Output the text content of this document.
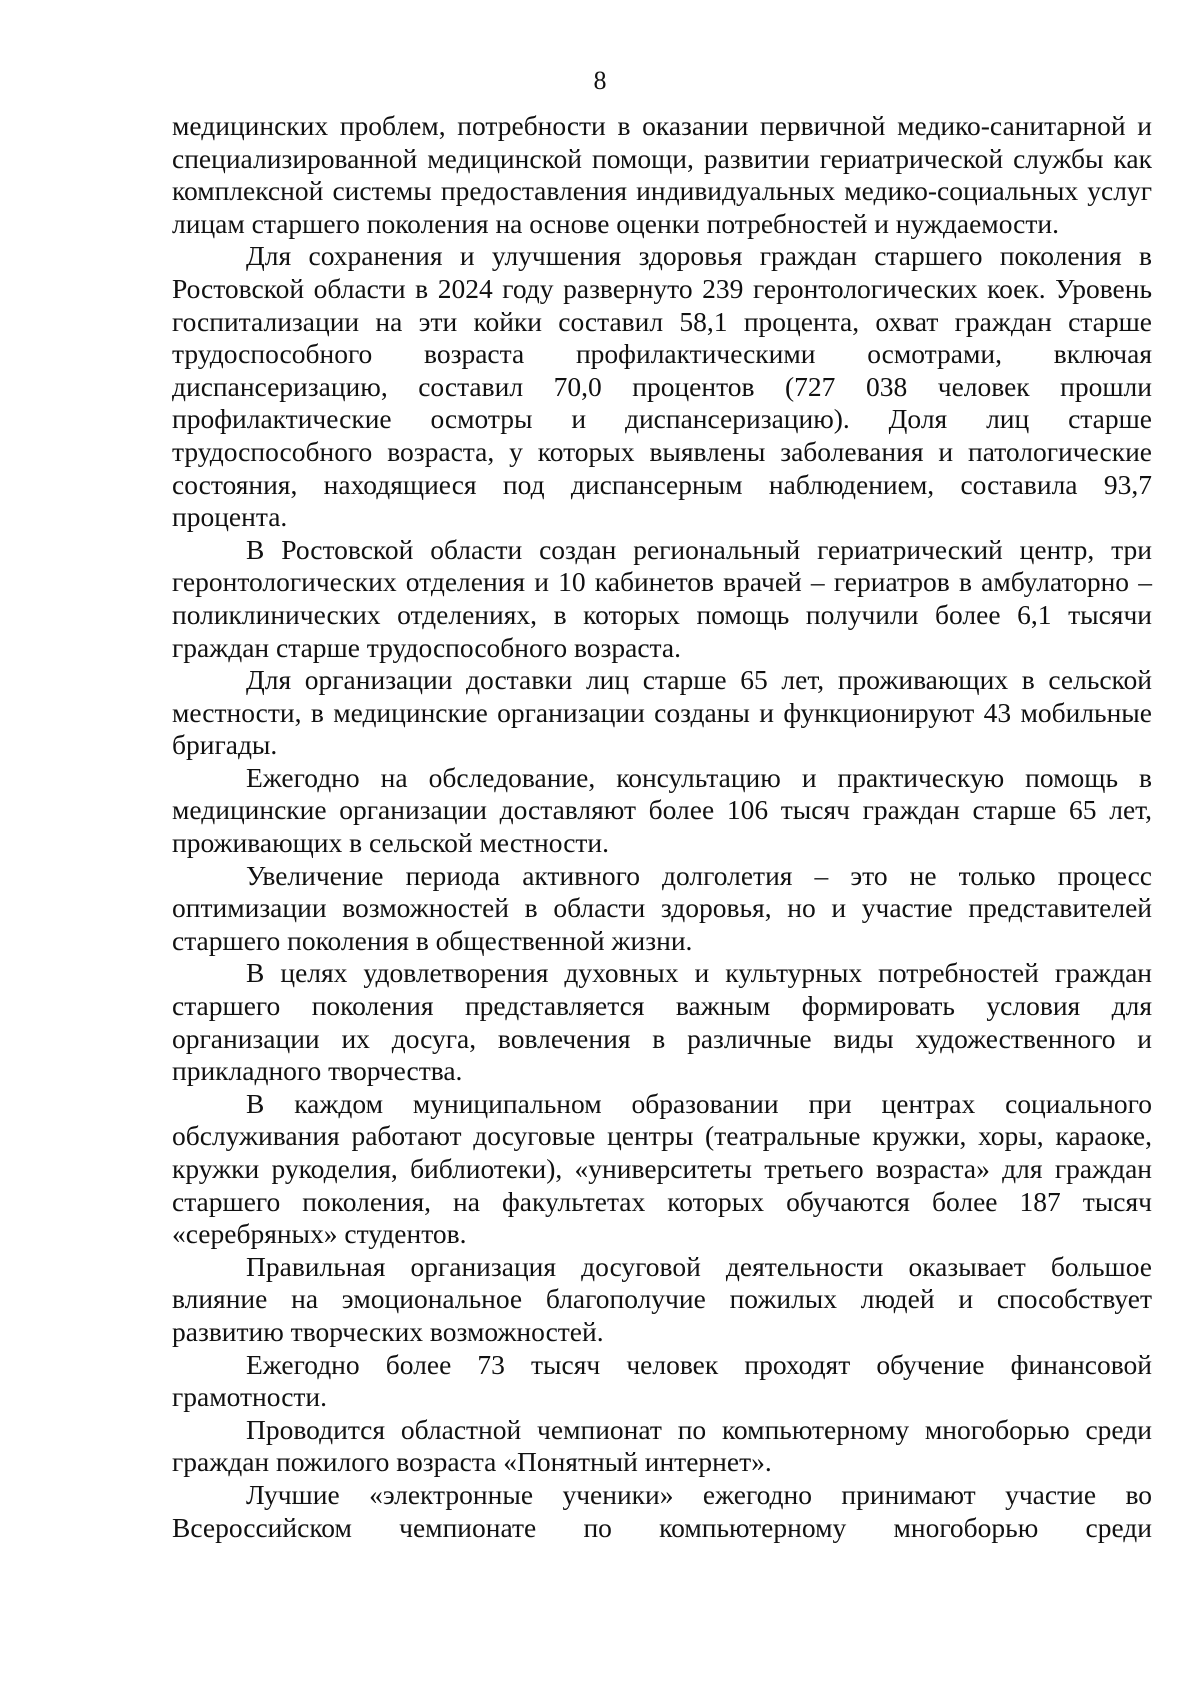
8

медицинских проблем, потребности в оказании первичной медико-санитарной и специализированной медицинской помощи, развитии гериатрической службы как комплексной системы предоставления индивидуальных медико-социальных услуг лицам старшего поколения на основе оценки потребностей и нуждаемости.

Для сохранения и улучшения здоровья граждан старшего поколения в Ростовской области в 2024 году развернуто 239 геронтологических коек. Уровень госпитализации на эти койки составил 58,1 процента, охват граждан старше трудоспособного возраста профилактическими осмотрами, включая диспансеризацию, составил 70,0 процентов (727 038 человек прошли профилактические осмотры и диспансеризацию). Доля лиц старше трудоспособного возраста, у которых выявлены заболевания и патологические состояния, находящиеся под диспансерным наблюдением, составила 93,7 процента.

В Ростовской области создан региональный гериатрический центр, три геронтологических отделения и 10 кабинетов врачей – гериатров в амбулаторно – поликлинических отделениях, в которых помощь получили более 6,1 тысячи граждан старше трудоспособного возраста.

Для организации доставки лиц старше 65 лет, проживающих в сельской местности, в медицинские организации созданы и функционируют 43 мобильные бригады.

Ежегодно на обследование, консультацию и практическую помощь в медицинские организации доставляют более 106 тысяч граждан старше 65 лет, проживающих в сельской местности.

Увеличение периода активного долголетия – это не только процесс оптимизации возможностей в области здоровья, но и участие представителей старшего поколения в общественной жизни.

В целях удовлетворения духовных и культурных потребностей граждан старшего поколения представляется важным формировать условия для организации их досуга, вовлечения в различные виды художественного и прикладного творчества.

В каждом муниципальном образовании при центрах социального обслуживания работают досуговые центры (театральные кружки, хоры, караоке, кружки рукоделия, библиотеки), «университеты третьего возраста» для граждан старшего поколения, на факультетах которых обучаются более 187 тысяч «серебряных» студентов.

Правильная организация досуговой деятельности оказывает большое влияние на эмоциональное благополучие пожилых людей и способствует развитию творческих возможностей.

Ежегодно более 73 тысяч человек проходят обучение финансовой грамотности.

Проводится областной чемпионат по компьютерному многоборью среди граждан пожилого возраста «Понятный интернет».

Лучшие «электронные ученики» ежегодно принимают участие во Всероссийском чемпионате по компьютерному многоборью среди
